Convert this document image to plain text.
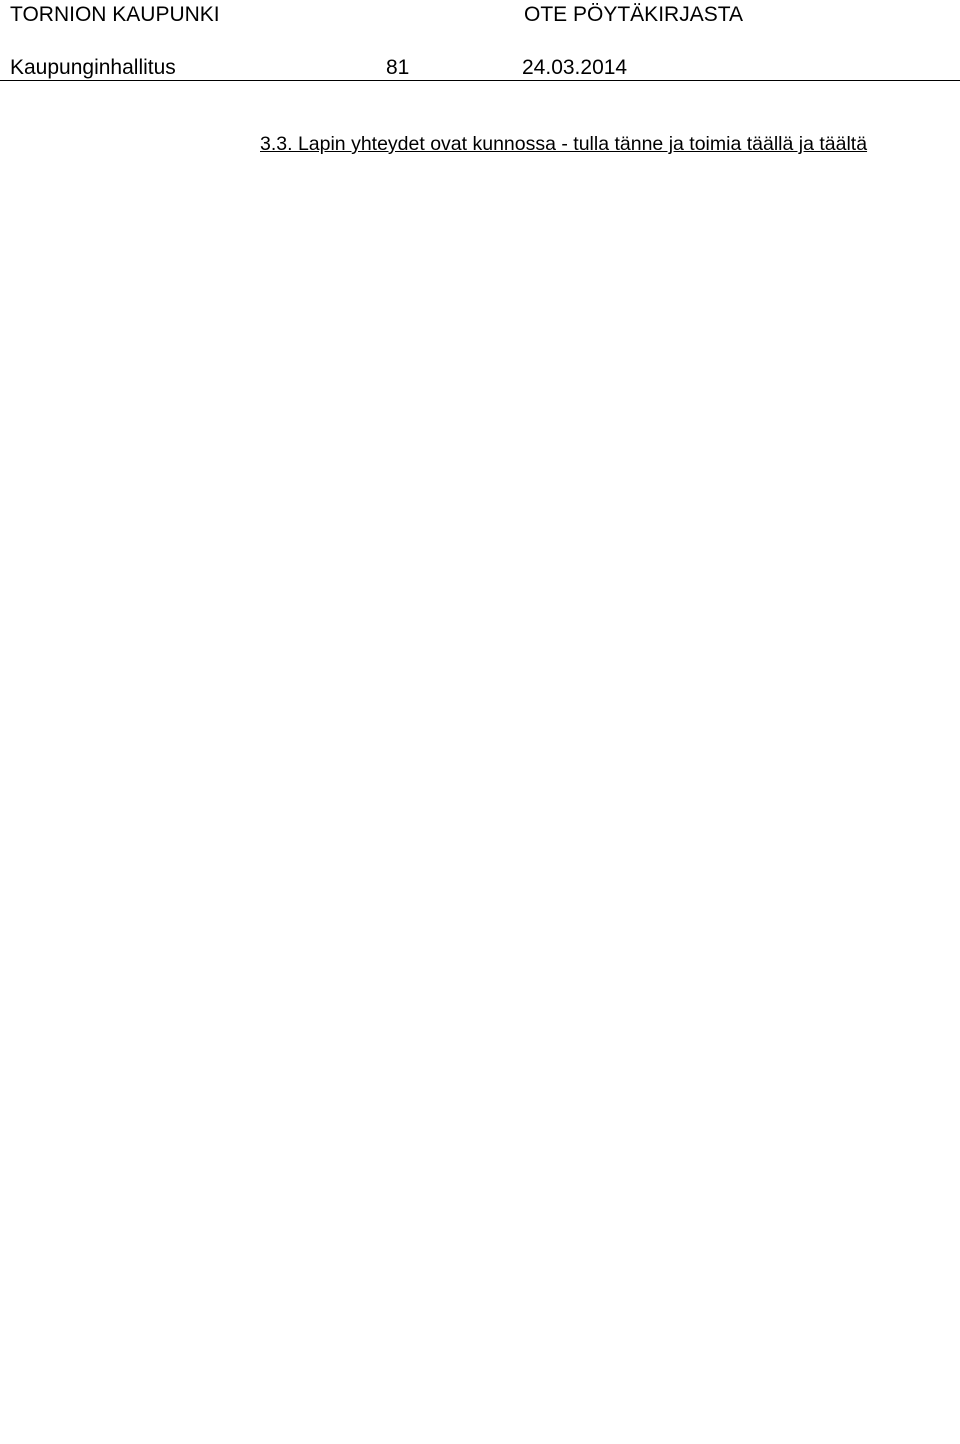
TORNION KAUPUNKI	OTE PÖYTÄKIRJASTA
Kaupunginhallitus	81	24.03.2014
3.3. Lapin yhteydet ovat kunnossa - tulla tänne ja toimia täällä ja täältä
